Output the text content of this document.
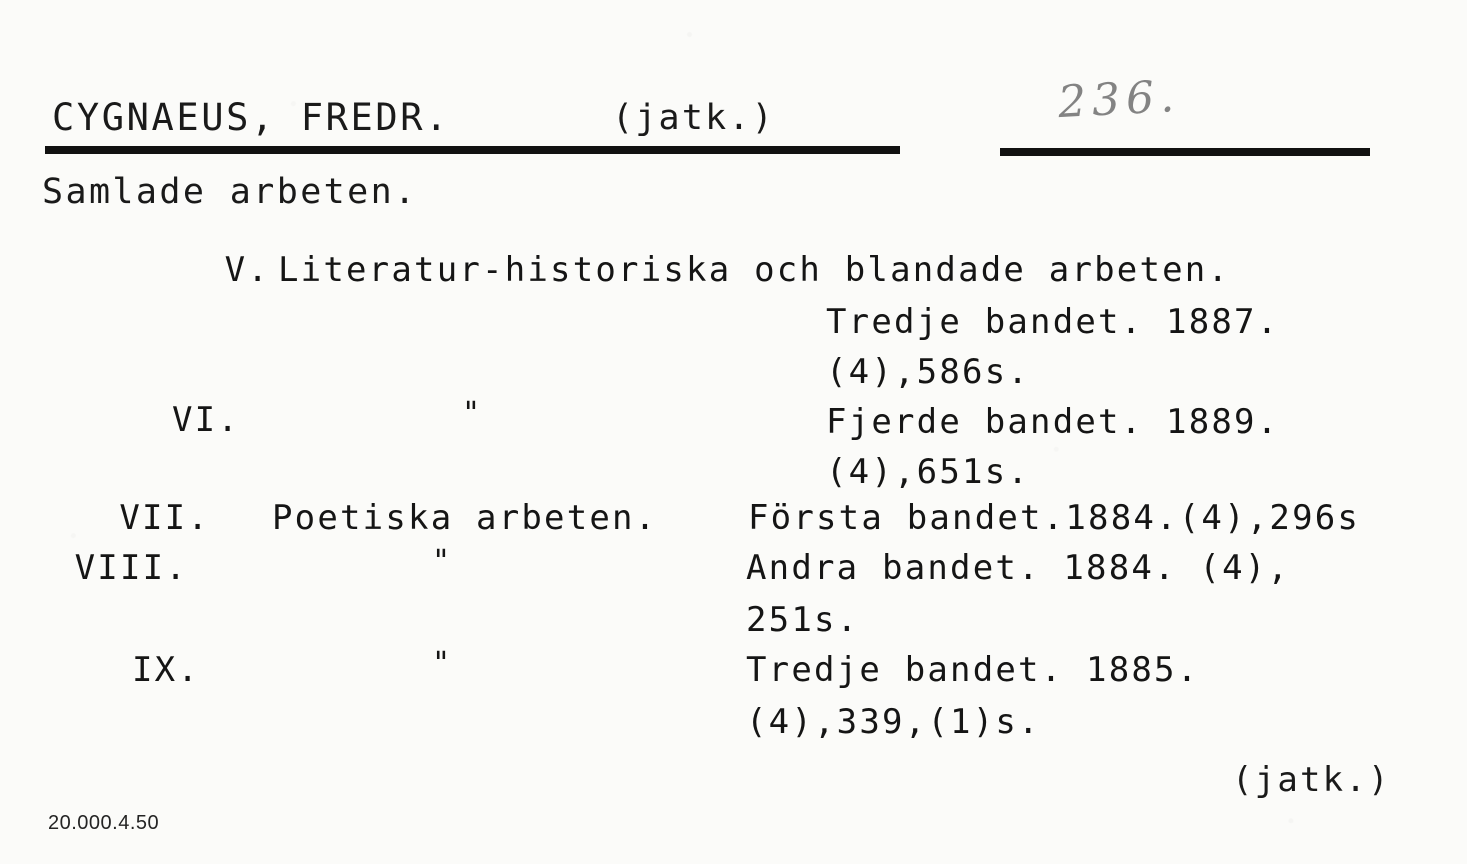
CYGNAEUS, FREDR.	(jatk.)	236.
Samlade arbeten.
V. Literatur-historiska och blandade arbeten.
Tredje bandet. 1887.
(4),586s.
VI.	"	Fjerde bandet. 1889.
(4),651s.
VII. Poetiska arbeten.	Första bandet.1884.(4),296s
VIII.	"	Andra bandet. 1884. (4),
251s.
IX.	"	Tredje bandet. 1885.
(4),339,(1)s.
(jatk.)
20.000.4.50
